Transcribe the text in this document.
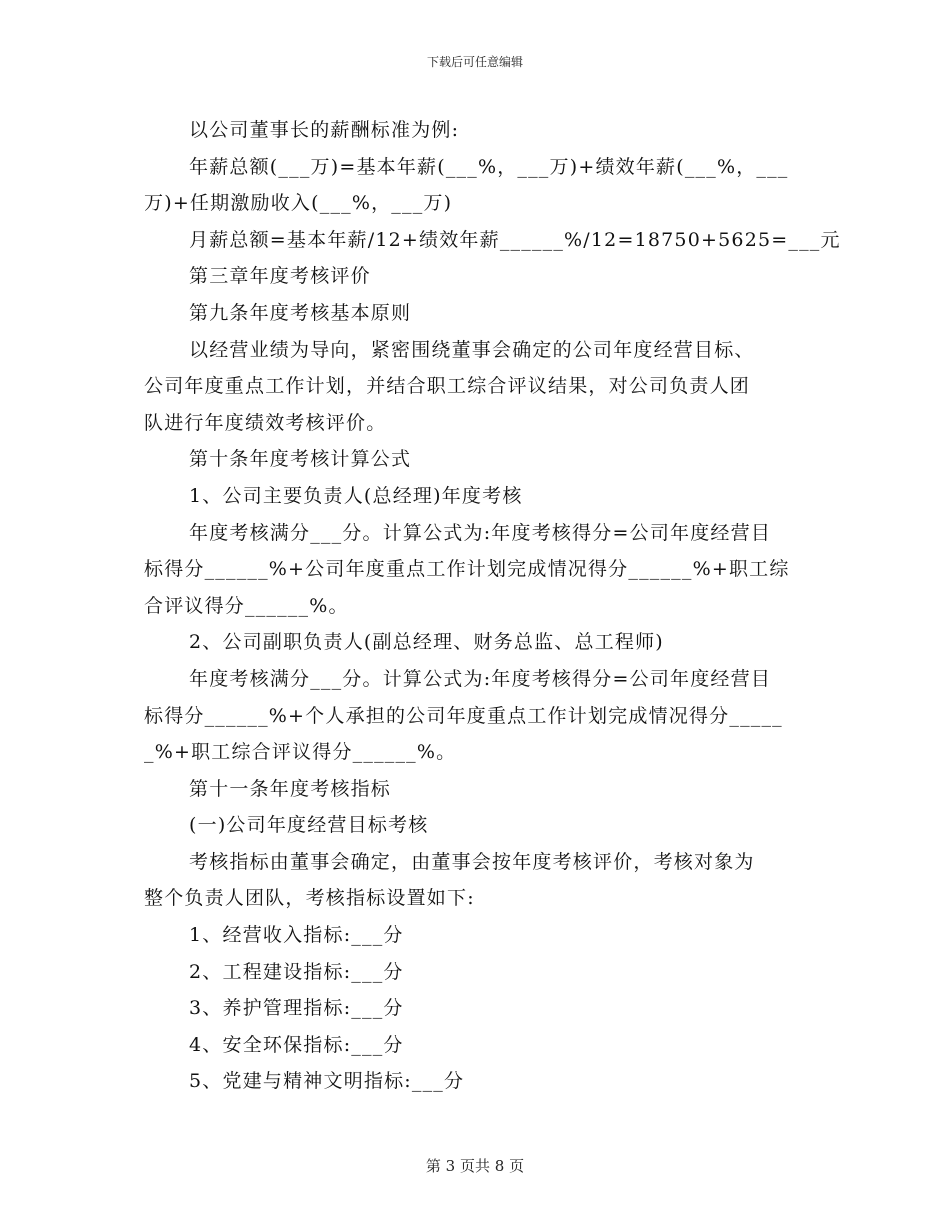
下载后可任意编辑

以公司董事长的薪酬标准为例:

年薪总额(___万)=基本年薪(___%，___万)+绩效年薪(___%，___

万)+任期激励收入(___%，___万)

月薪总额=基本年薪/12+绩效年薪______%/12=18750+5625=___元

第三章年度考核评价

第九条年度考核基本原则

以经营业绩为导向，紧密围绕董事会确定的公司年度经营目标、

公司年度重点工作计划，并结合职工综合评议结果，对公司负责人团

队进行年度绩效考核评价。

第十条年度考核计算公式

1、公司主要负责人(总经理)年度考核

年度考核满分___分。计算公式为:年度考核得分=公司年度经营目

标得分______%+公司年度重点工作计划完成情况得分______%+职工综

合评议得分______%。

2、公司副职负责人(副总经理、财务总监、总工程师)

年度考核满分___分。计算公式为:年度考核得分=公司年度经营目

标得分______%+个人承担的公司年度重点工作计划完成情况得分_____

_%+职工综合评议得分______%。

第十一条年度考核指标

(一)公司年度经营目标考核

考核指标由董事会确定，由董事会按年度考核评价，考核对象为

整个负责人团队，考核指标设置如下:

1、经营收入指标:___分

2、工程建设指标:___分

3、养护管理指标:___分

4、安全环保指标:___分

5、党建与精神文明指标:___分

第 3 页共 8 页
